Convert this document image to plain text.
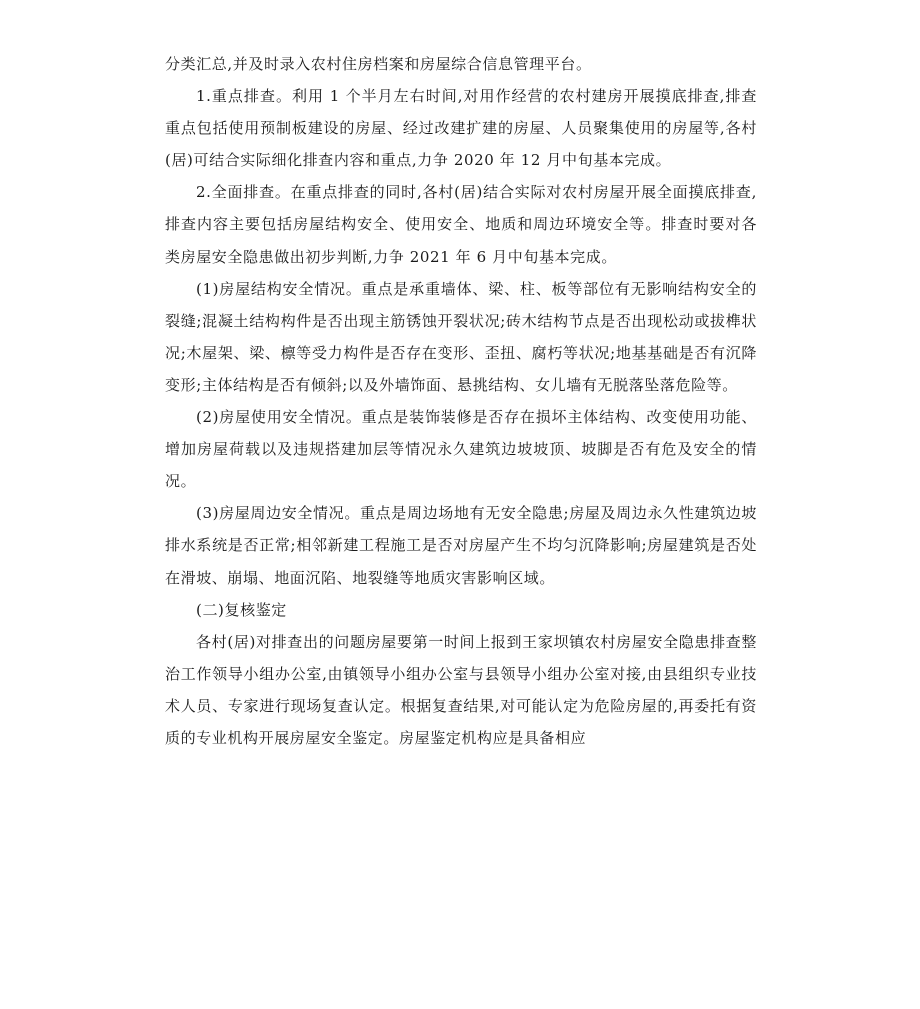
分类汇总,并及时录入农村住房档案和房屋综合信息管理平台。

1.重点排查。利用 1 个半月左右时间,对用作经营的农村建房开展摸底排查,排查重点包括使用预制板建设的房屋、经过改建扩建的房屋、人员聚集使用的房屋等,各村(居)可结合实际细化排查内容和重点,力争 2020 年 12 月中旬基本完成。

2.全面排查。在重点排查的同时,各村(居)结合实际对农村房屋开展全面摸底排查,排查内容主要包括房屋结构安全、使用安全、地质和周边环境安全等。排查时要对各类房屋安全隐患做出初步判断,力争 2021 年 6 月中旬基本完成。

(1)房屋结构安全情况。重点是承重墙体、梁、柱、板等部位有无影响结构安全的裂缝;混凝土结构构件是否出现主筋锈蚀开裂状况;砖木结构节点是否出现松动或拔榫状况;木屋架、梁、檩等受力构件是否存在变形、歪扭、腐朽等状况;地基基础是否有沉降变形;主体结构是否有倾斜;以及外墙饰面、悬挑结构、女儿墙有无脱落坠落危险等。

(2)房屋使用安全情况。重点是装饰装修是否存在损坏主体结构、改变使用功能、增加房屋荷载以及违规搭建加层等情况永久建筑边坡坡顶、坡脚是否有危及安全的情况。

(3)房屋周边安全情况。重点是周边场地有无安全隐患;房屋及周边永久性建筑边坡排水系统是否正常;相邻新建工程施工是否对房屋产生不均匀沉降影响;房屋建筑是否处在滑坡、崩塌、地面沉陷、地裂缝等地质灾害影响区域。

(二)复核鉴定

各村(居)对排查出的问题房屋要第一时间上报到王家坝镇农村房屋安全隐患排查整治工作领导小组办公室,由镇领导小组办公室与县领导小组办公室对接,由县组织专业技术人员、专家进行现场复查认定。根据复查结果,对可能认定为危险房屋的,再委托有资质的专业机构开展房屋安全鉴定。房屋鉴定机构应是具备相应
